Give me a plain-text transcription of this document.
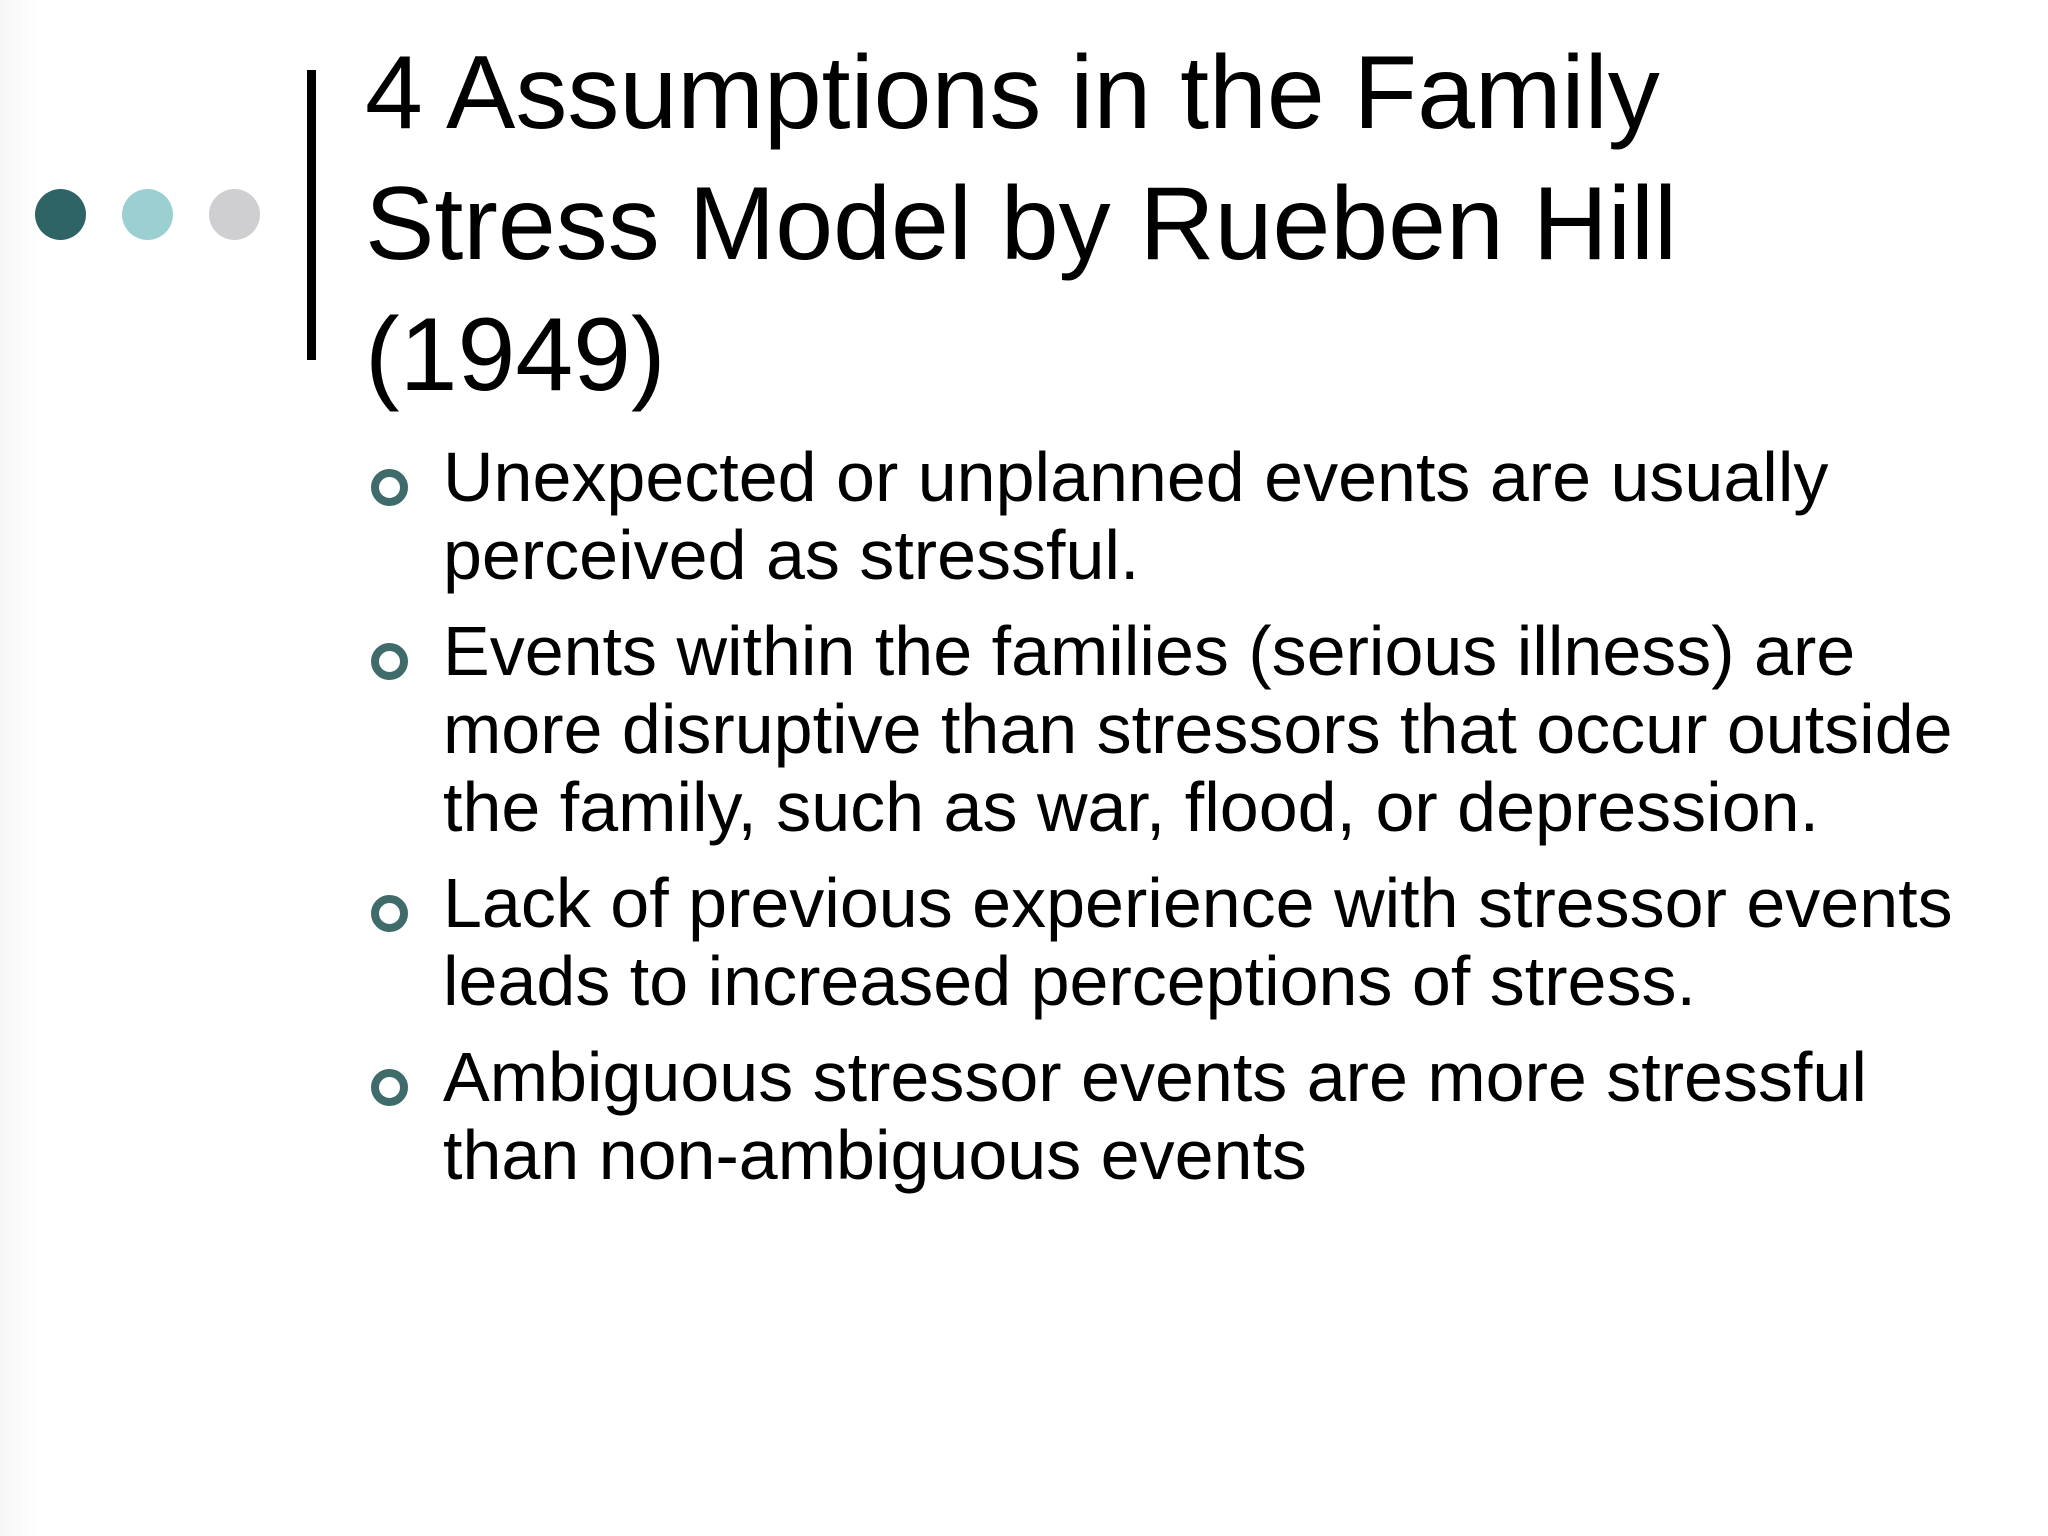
4 Assumptions in the Family
Stress Model by Rueben Hill
(1949)
Unexpected or unplanned events are usually perceived as stressful.
Events within the families (serious illness) are more disruptive than stressors that occur outside the family, such as war, flood, or depression.
Lack of previous experience with stressor events leads to increased perceptions of stress.
Ambiguous stressor events are more stressful than non-ambiguous events
